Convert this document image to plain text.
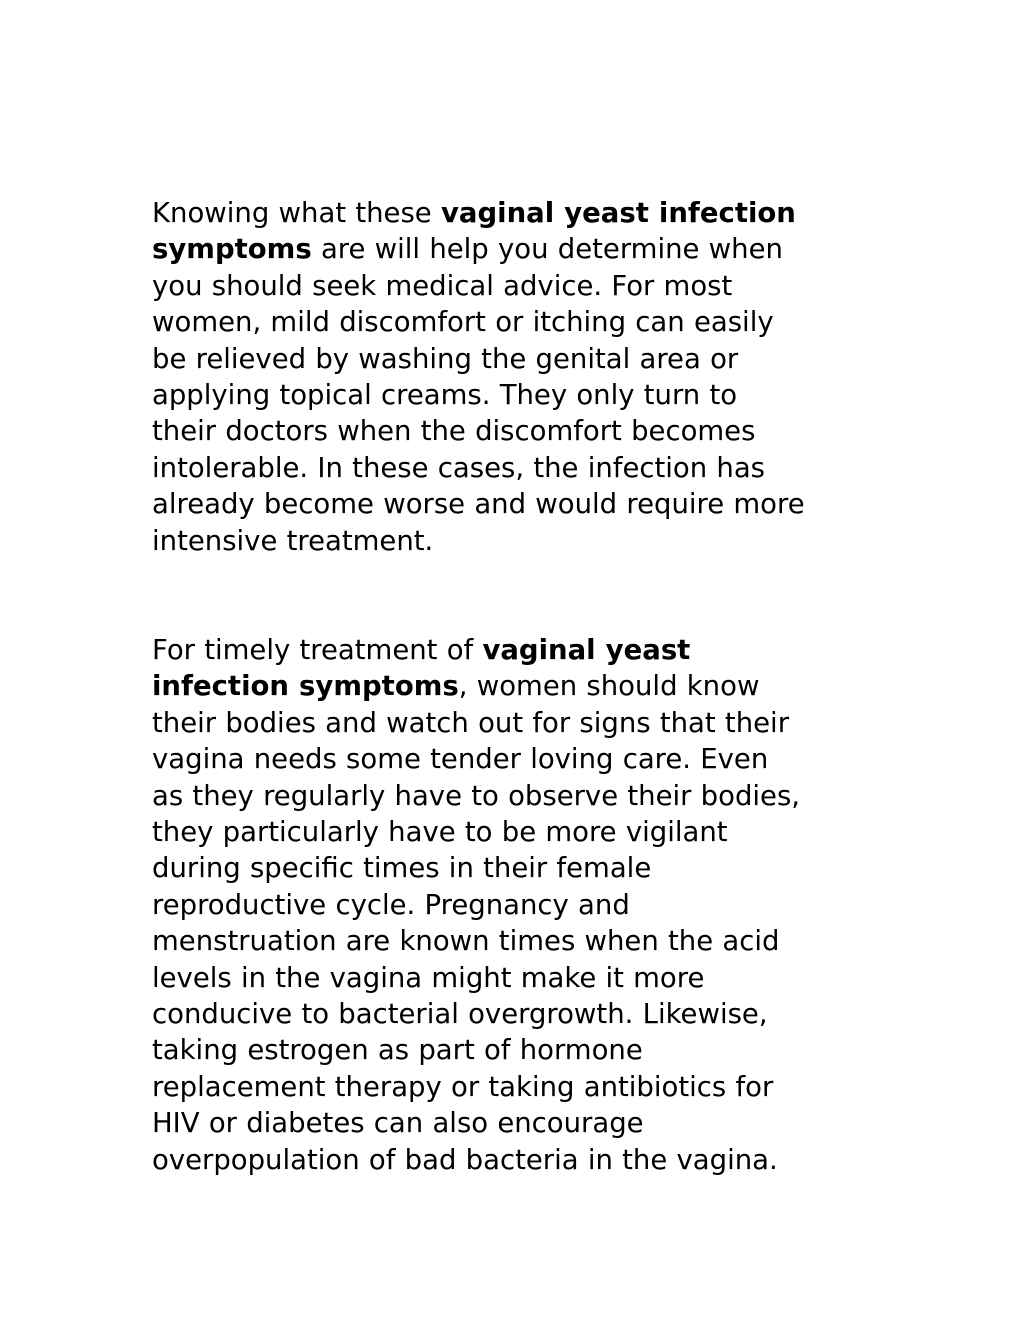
Knowing what these vaginal yeast infection
symptoms are will help you determine when
you should seek medical advice. For most
women, mild discomfort or itching can easily
be relieved by washing the genital area or
applying topical creams. They only turn to
their doctors when the discomfort becomes
intolerable. In these cases, the infection has
already become worse and would require more
intensive treatment.

For timely treatment of vaginal yeast
infection symptoms, women should know
their bodies and watch out for signs that their
vagina needs some tender loving care. Even
as they regularly have to observe their bodies,
they particularly have to be more vigilant
during specific times in their female
reproductive cycle. Pregnancy and
menstruation are known times when the acid
levels in the vagina might make it more
conducive to bacterial overgrowth. Likewise,
taking estrogen as part of hormone
replacement therapy or taking antibiotics for
HIV or diabetes can also encourage
overpopulation of bad bacteria in the vagina.
